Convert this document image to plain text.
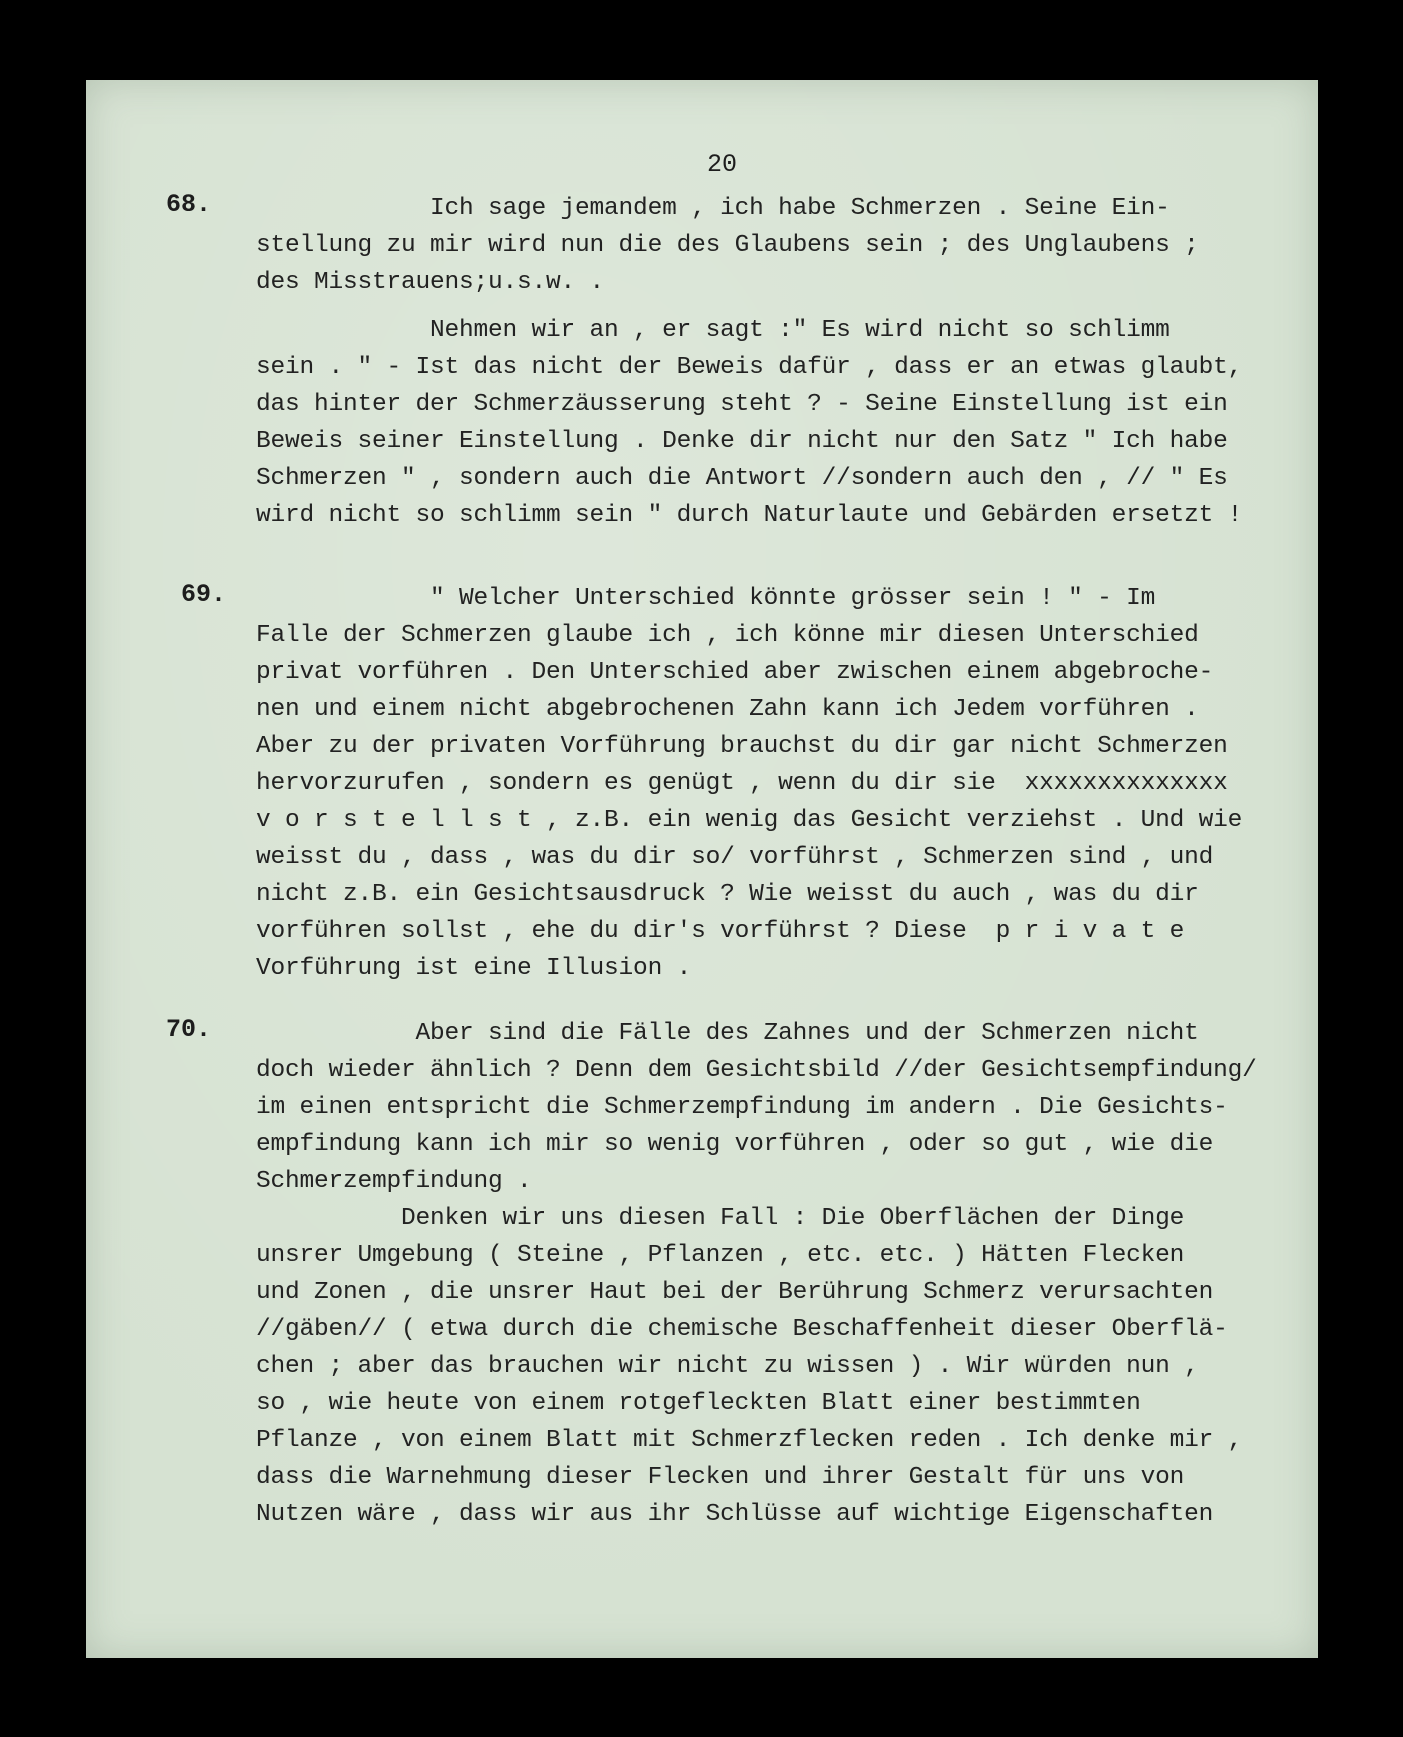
20
68. Ich sage jemandem , ich habe Schmerzen . Seine Ein-
stellung zu mir wird nun die des Glaubens sein ; des Unglaubens ;
des Misstrauens;u.s.w. .
Nehmen wir an , er sagt :" Es wird nicht so schlimm
sein . " - Ist das nicht der Beweis dafür , dass er an etwas glaubt,
das hinter der Schmerzäusserung steht ? - Seine Einstellung ist ein
Beweis seiner Einstellung . Denke dir nicht nur den Satz " Ich habe
Schmerzen " , sondern auch die Antwort //sondern auch den , // " Es
wird nicht so schlimm sein " durch Naturlaute und Gebärden ersetzt !
69. " Welcher Unterschied könnte grösser sein ! " - Im
Falle der Schmerzen glaube ich , ich könne mir diesen Unterschied
privat vorführen . Den Unterschied aber zwischen einem abgebroche-
nen und einem nicht abgebrochenen Zahn kann ich Jedem vorführen .
Aber zu der privaten Vorführung brauchst du dir gar nicht Schmerzen
hervorzurufen , sondern es genügt , wenn du dir sie  xxxxxxxxxxxxxx
v o r s t e l l s t , z.B. ein wenig das Gesicht verziehst . Und wie
weisst du , dass , was du dir so/ vorführst , Schmerzen sind , und
nicht z.B. ein Gesichtsausdruck ? Wie weisst du auch , was du dir
vorführen sollst , ehe du dir's vorführst ? Diese  p r i v a t e
Vorführung ist eine Illusion .
70. Aber sind die Fälle des Zahnes und der Schmerzen nicht
doch wieder ähnlich ? Denn dem Gesichtsbild //der Gesichtsempfindung/
im einen entspricht die Schmerzempfindung im andern . Die Gesichts-
empfindung kann ich mir so wenig vorführen , oder so gut , wie die
Schmerzempfindung .
Denken wir uns diesen Fall : Die Oberflächen der Dinge
unsrer Umgebung ( Steine , Pflanzen , etc. etc. ) Hätten Flecken
und Zonen , die unsrer Haut bei der Berührung Schmerz verursachten
//gäben// ( etwa durch die chemische Beschaffenheit dieser Oberflä-
chen ; aber das brauchen wir nicht zu wissen ) . Wir würden nun ,
so , wie heute von einem rotgefleckten Blatt einer bestimmten
Pflanze , von einem Blatt mit Schmerzflecken reden . Ich denke mir ,
dass die Warnehmung dieser Flecken und ihrer Gestalt für uns von
Nutzen wäre , dass wir aus ihr Schlüsse auf wichtige Eigenschaften
